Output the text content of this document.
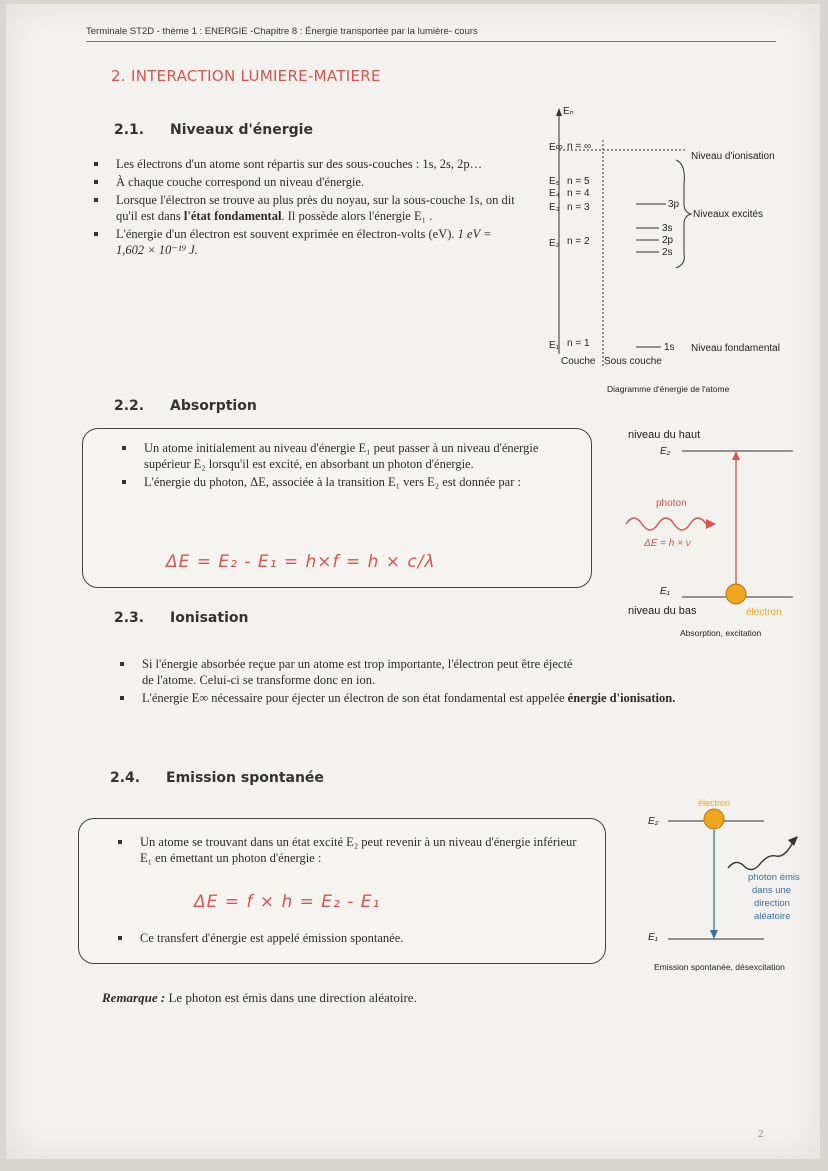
Terminale ST2D - thème 1 : ENERGIE -Chapitre 8 : Énergie transportée par la lumière- cours
2. INTERACTION LUMIERE-MATIERE
2.1. Niveaux d'énergie
Les électrons d'un atome sont répartis sur des sous-couches : 1s, 2s, 2p…
À chaque couche correspond un niveau d'énergie.
Lorsque l'électron se trouve au plus près du noyau, sur la sous-couche 1s, on dit qu'il est dans l'état fondamental. Il possède alors l'énergie E₁ .
L'énergie d'un électron est souvent exprimée en électron-volts (eV). 1 eV = 1,602 × 10⁻¹⁹ J.
Eₙ
E∞ n = ∞
E₅ n = 5
E₄ n = 4
E₃ n = 3	3p
3s
E₂ n = 2	2p
2s
Niveau d'ionisation
Niveaux excités
E₁ n = 1	1s Niveau fondamental
Couche Sous couche
Diagramme d'énergie de l'atome
2.2. Absorption
Un atome initialement au niveau d'énergie E₁ peut passer à un niveau d'énergie supérieur E₂ lorsqu'il est excité, en absorbant un photon d'énergie.
L'énergie du photon, ΔE, associée à la transition E₁ vers E₂ est donnée par :
ΔE = E₂ - E₁ = h×f = h × c/λ
niveau du haut
E₂
photon
ΔE = h × ν
E₁
niveau du bas	électron
Absorption, excitation
2.3. Ionisation
Si l'énergie absorbée reçue par un atome est trop importante, l'électron peut être éjecté de l'atome. Celui-ci se transforme donc en ion.
L'énergie E∞ nécessaire pour éjecter un électron de son état fondamental est appelée énergie d'ionisation.
2.4. Emission spontanée
Un atome se trouvant dans un état excité E₂ peut revenir à un niveau d'énergie inférieur E₁ en émettant un photon d'énergie :
ΔE = f × h = E₂ - E₁
Ce transfert d'énergie est appelé émission spontanée.
électron
E₂
photon émis
dans une
direction
aléatoire
E₁
Emission spontanée, désexcitation
Remarque : Le photon est émis dans une direction aléatoire.
2
